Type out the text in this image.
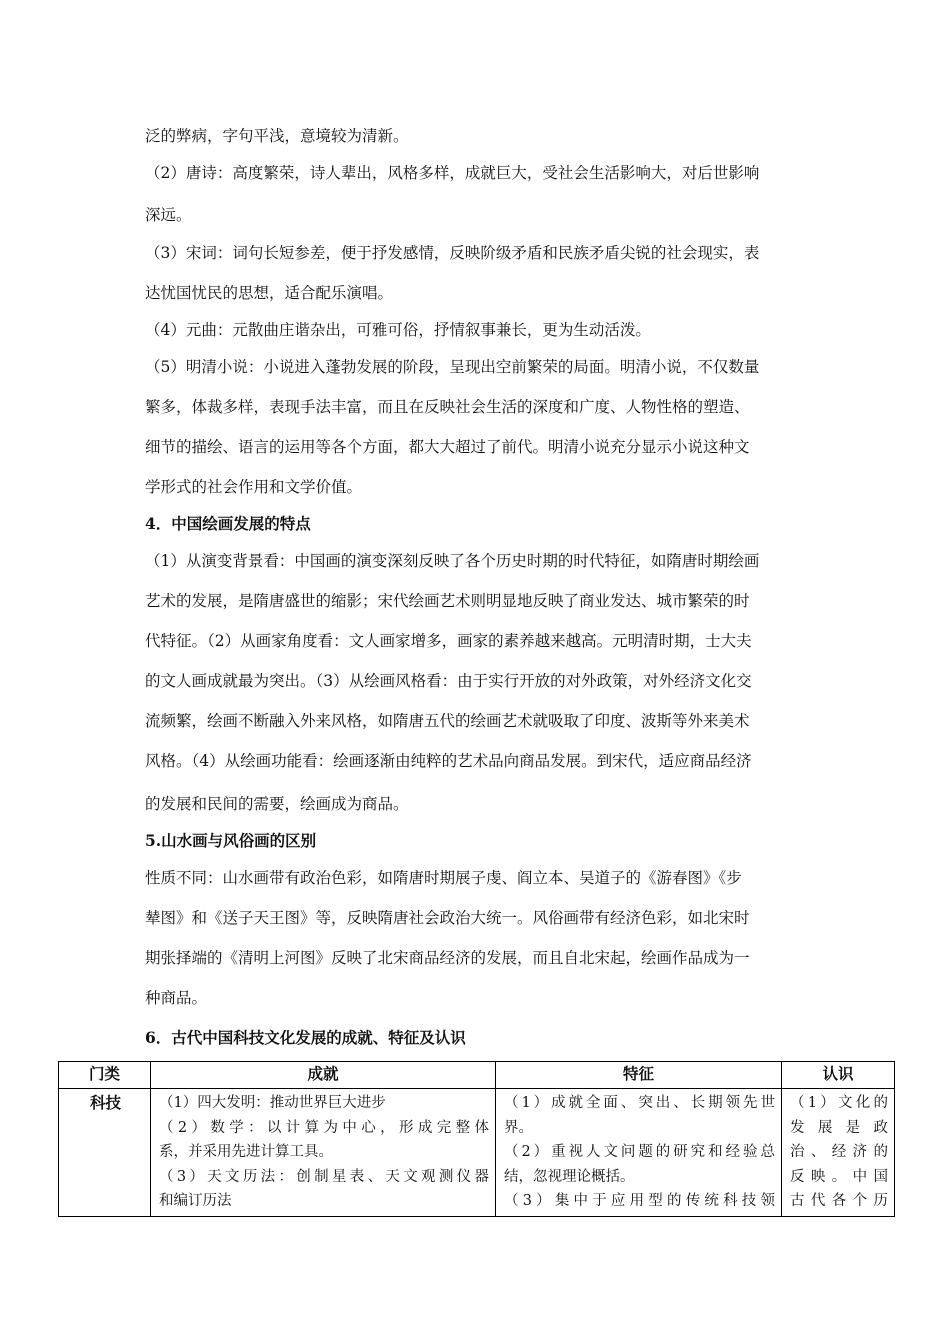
泛的弊病，字句平浅，意境较为清新。
（2）唐诗：高度繁荣，诗人辈出，风格多样，成就巨大，受社会生活影响大，对后世影响
深远。
（3）宋词：词句长短参差，便于抒发感情，反映阶级矛盾和民族矛盾尖锐的社会现实，表
达忧国忧民的思想，适合配乐演唱。
（4）元曲：元散曲庄谐杂出，可雅可俗，抒情叙事兼长，更为生动活泼。
（5）明清小说：小说进入蓬勃发展的阶段，呈现出空前繁荣的局面。明清小说，不仅数量
繁多，体裁多样，表现手法丰富，而且在反映社会生活的深度和广度、人物性格的塑造、
细节的描绘、语言的运用等各个方面，都大大超过了前代。明清小说充分显示小说这种文
学形式的社会作用和文学价值。
4．中国绘画发展的特点
（1）从演变背景看：中国画的演变深刻反映了各个历史时期的时代特征，如隋唐时期绘画
艺术的发展，是隋唐盛世的缩影；宋代绘画艺术则明显地反映了商业发达、城市繁荣的时
代特征。（2）从画家角度看：文人画家增多，画家的素养越来越高。元明清时期，士大夫
的文人画成就最为突出。（3）从绘画风格看：由于实行开放的对外政策，对外经济文化交
流频繁，绘画不断融入外来风格，如隋唐五代的绘画艺术就吸取了印度、波斯等外来美术
风格。（4）从绘画功能看：绘画逐渐由纯粹的艺术品向商品发展。到宋代，适应商品经济
的发展和民间的需要，绘画成为商品。
5.山水画与风俗画的区别
性质不同：山水画带有政治色彩，如隋唐时期展子虔、阎立本、吴道子的《游春图》《步
辇图》和《送子天王图》等，反映隋唐社会政治大统一。风俗画带有经济色彩，如北宋时
期张择端的《清明上河图》反映了北宋商品经济的发展，而且自北宋起，绘画作品成为一
种商品。
6．古代中国科技文化发展的成就、特征及认识
门类	成就	特征	认识
科技	（1）四大发明：推动世界巨大进步
（2）数学：以计算为中心，形成完整体
系，并采用先进计算工具。
（3）天文历法：创制星表、天文观测仪器
和编订历法	（1）成就全面、突出、长期领先世
界。
（2）重视人文问题的研究和经验总
结，忽视理论概括。
（3）集中于应用型的传统科技领	（1）文化的
发展是政
治、经济的
反映。中国
古代各个历
